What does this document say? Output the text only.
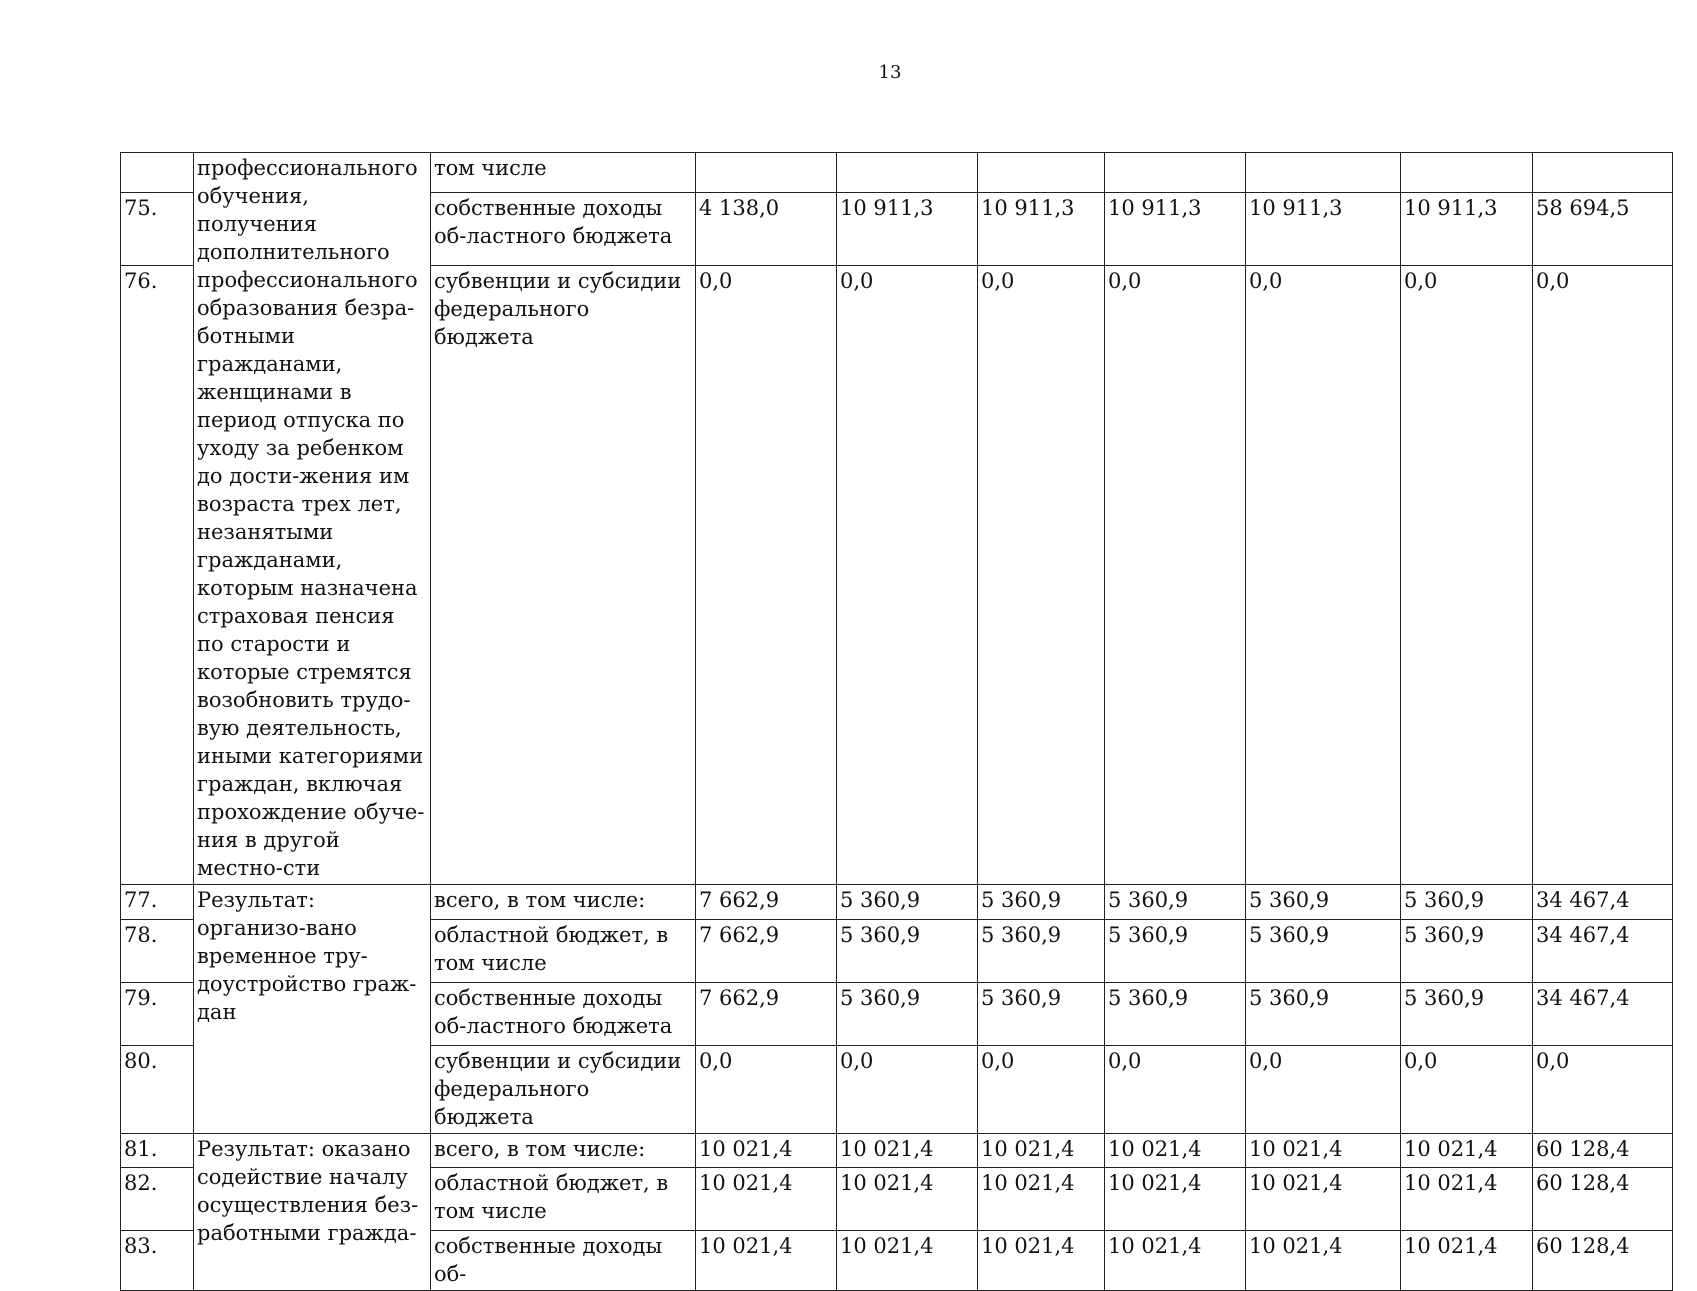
13
	профессионального обучения, получения дополнительного профессионального образования безра-ботными гражданами, женщинами в период отпуска по уходу за ребенком до дости-жения им возраста трех лет, незанятыми гражданами, которым назначена страховая пенсия по старости и которые стремятся возобновить трудо-вую деятельность, иными категориями граждан, включая прохождение обуче-ния в другой местно-сти	том числе							
75.		собственные доходы об-ластного бюджета	4 138,0	10 911,3	10 911,3	10 911,3	10 911,3	10 911,3	58 694,5
76.		субвенции и субсидии федерального бюджета	0,0	0,0	0,0	0,0	0,0	0,0	0,0
77.	Результат: организо-вано временное тру-доустройство граж-дан	всего, в том числе:	7 662,9	5 360,9	5 360,9	5 360,9	5 360,9	5 360,9	34 467,4
78.		областной бюджет, в том числе	7 662,9	5 360,9	5 360,9	5 360,9	5 360,9	5 360,9	34 467,4
79.		собственные доходы об-ластного бюджета	7 662,9	5 360,9	5 360,9	5 360,9	5 360,9	5 360,9	34 467,4
80.		субвенции и субсидии федерального бюджета	0,0	0,0	0,0	0,0	0,0	0,0	0,0
81.	Результат: оказано содействие началу осуществления без-работными гражда-	всего, в том числе:	10 021,4	10 021,4	10 021,4	10 021,4	10 021,4	10 021,4	60 128,4
82.		областной бюджет, в том числе	10 021,4	10 021,4	10 021,4	10 021,4	10 021,4	10 021,4	60 128,4
83.		собственные доходы об-	10 021,4	10 021,4	10 021,4	10 021,4	10 021,4	10 021,4	60 128,4
